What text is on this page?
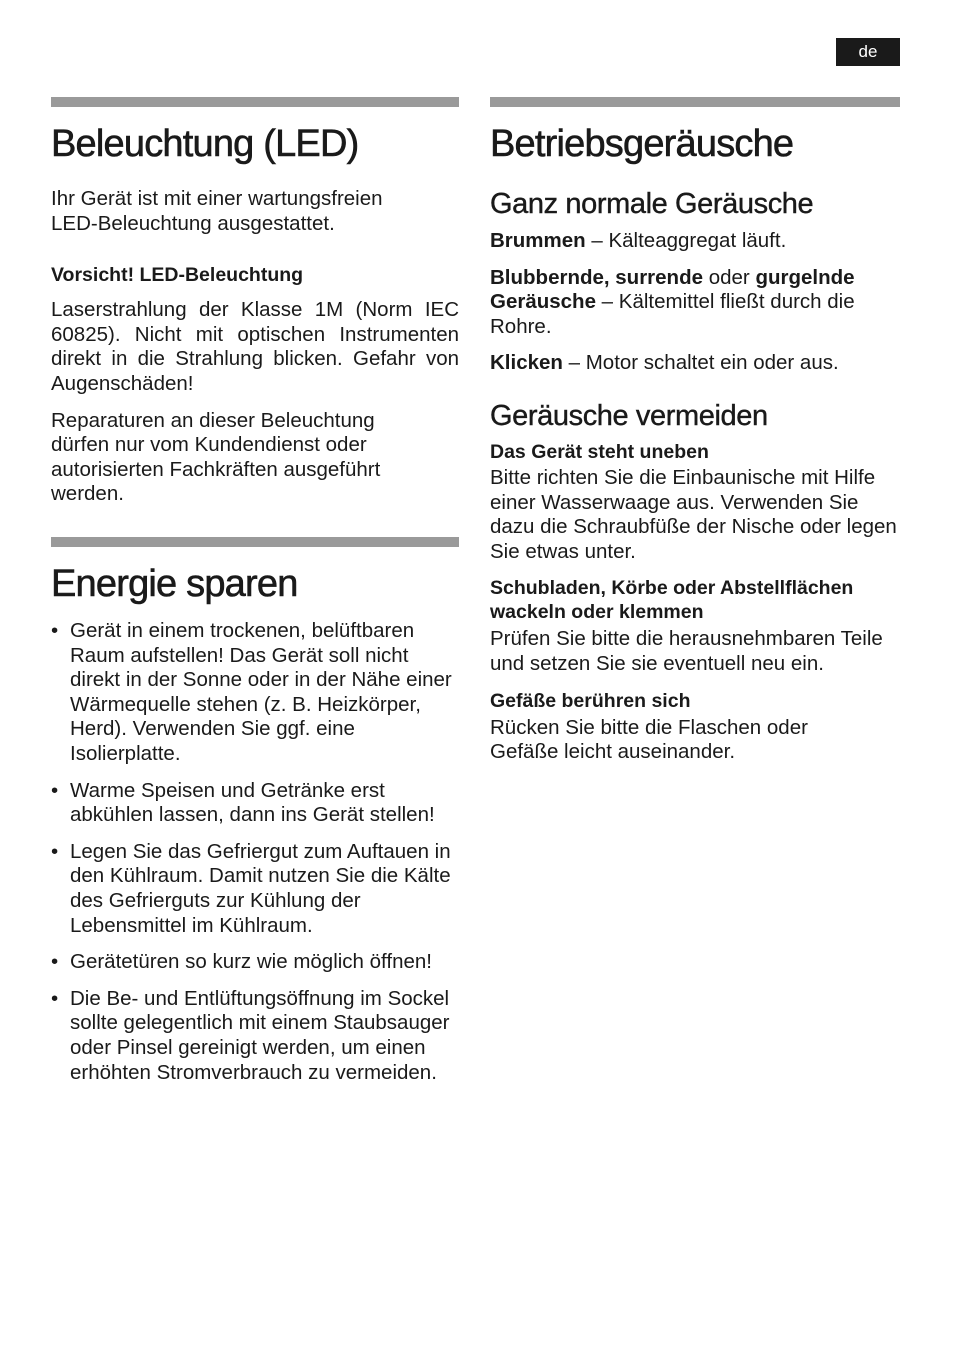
de
Beleuchtung (LED)

Ihr Gerät ist mit einer wartungsfreien LED-Beleuchtung ausgestattet.

Vorsicht! LED-Beleuchtung

Laserstrahlung der Klasse 1M (Norm IEC 60825). Nicht mit optischen Instrumenten direkt in die Strahlung blicken. Gefahr von Augenschäden!

Reparaturen an dieser Beleuchtung dürfen nur vom Kundendienst oder autorisierten Fachkräften ausgeführt werden.

Energie sparen
• Gerät in einem trockenen, belüftbaren Raum aufstellen! Das Gerät soll nicht direkt in der Sonne oder in der Nähe einer Wärmequelle stehen (z. B. Heizkörper, Herd). Verwenden Sie ggf. eine Isolierplatte.
• Warme Speisen und Getränke erst abkühlen lassen, dann ins Gerät stellen!
• Legen Sie das Gefriergut zum Auftauen in den Kühlraum. Damit nutzen Sie die Kälte des Gefrierguts zur Kühlung der Lebensmittel im Kühlraum.
• Gerätetüren so kurz wie möglich öffnen!
• Die Be- und Entlüftungsöffnung im Sockel sollte gelegentlich mit einem Staubsauger oder Pinsel gereinigt werden, um einen erhöhten Stromverbrauch zu vermeiden.
Betriebsgeräusche
Ganz normale Geräusche

Brummen – Kälteaggregat läuft.

Blubbernde, surrende oder gurgelnde Geräusche – Kältemittel fließt durch die Rohre.

Klicken – Motor schaltet ein oder aus.

Geräusche vermeiden
Das Gerät steht uneben

Bitte richten Sie die Einbaunische mit Hilfe einer Wasserwaage aus. Verwenden Sie dazu die Schraubfüße der Nische oder legen Sie etwas unter.

Schubladen, Körbe oder Abstellflächen wackeln oder klemmen

Prüfen Sie bitte die herausnehmbaren Teile und setzen Sie sie eventuell neu ein.

Gefäße berühren sich

Rücken Sie bitte die Flaschen oder Gefäße leicht auseinander.
